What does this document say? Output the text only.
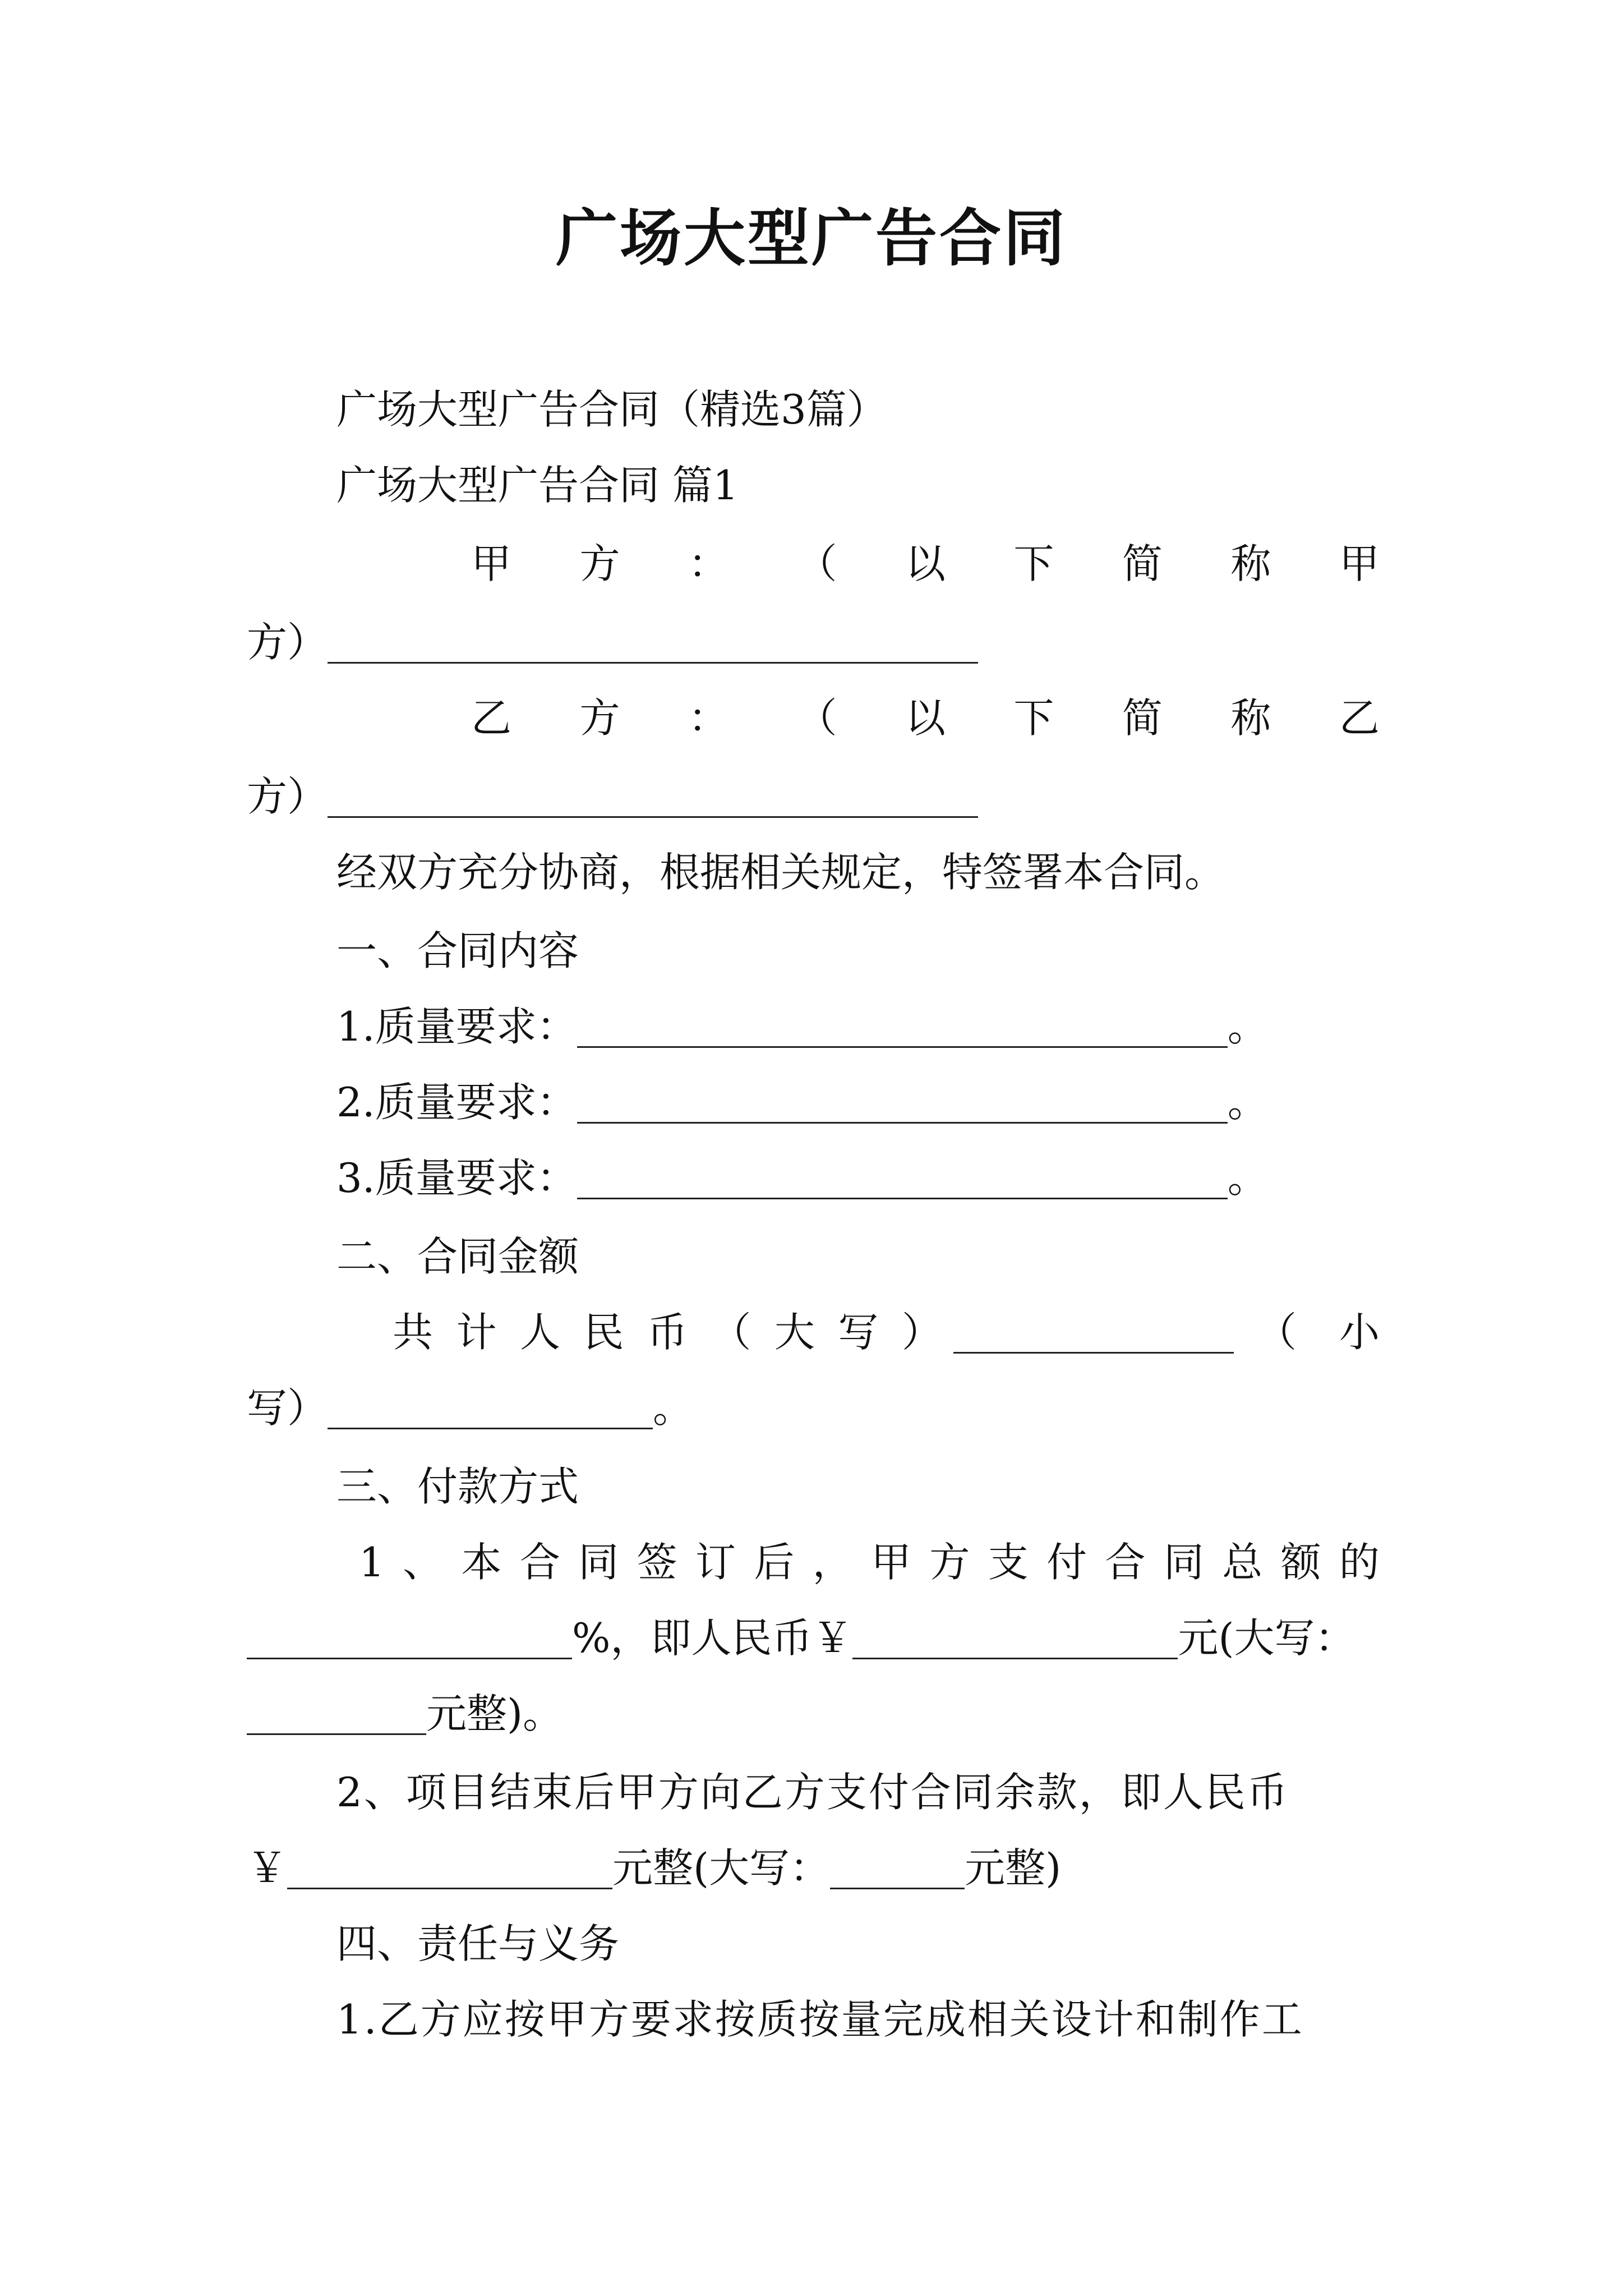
广场大型广告合同
广场大型广告合同（精选3篇）
广场大型广告合同 篇1
甲 方 ： （ 以 下 简 称 甲
方）
乙 方 ： （ 以 下 简 称 乙
方）
经双方充分协商，根据相关规定，特签署本合同。
一、合同内容
1.质量要求：	。
2.质量要求：	。
3.质量要求：	。
二、合同金额
共 计 人 民 币 （ 大 写 ）	（ 小
写）	。
三、付款方式
1 、 本 合 同 签 订 后 ， 甲 方 支 付 合 同 总 额 的
%，即人民币￥	元(大写：
元整)。
2、项目结束后甲方向乙方支付合同余款，即人民币
￥	元整(大写：	元整)
四、责任与义务
1.乙方应按甲方要求按质按量完成相关设计和制作工
